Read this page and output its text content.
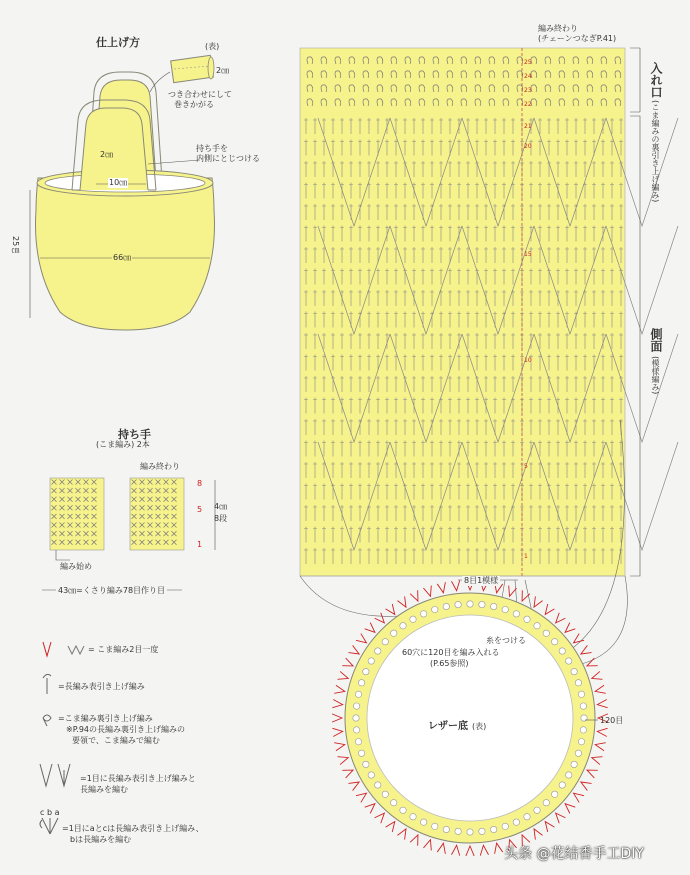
仕上げ方	(表)
2㎝
つき合わせにして
巻きかがる
2㎝
持ち手を
内側にとじつける
10㎝
66㎝
25㎝
持ち手
(こま編み) 2本
編み終わり
編み始め
4㎝
8段
43㎝=くさり編み78目作り目
8
5
1
= こま編み2目一度
=長編み表引き上げ編み
=こま編み裏引き上げ編み
※P.94の長編み裏引き上げ編みの
要領で、こま編みで編む
=1目に長編み表引き上げ編みと
長編みを編む
c b a
=1目にaとcは長編み表引き上げ編み、
bは長編みを編む
編み終わり
(チェーンつなぎP.41)
入れ口
(こま編みの裏引き上げ編み)
側面
(模様編み)
8目1模様
25
24
23
22
21
20
15
10
5
1
糸をつける
60穴に120目を編み入れる
(P.65参照)
レザー底 (表)
120目
头条 @花结香手工DIY
